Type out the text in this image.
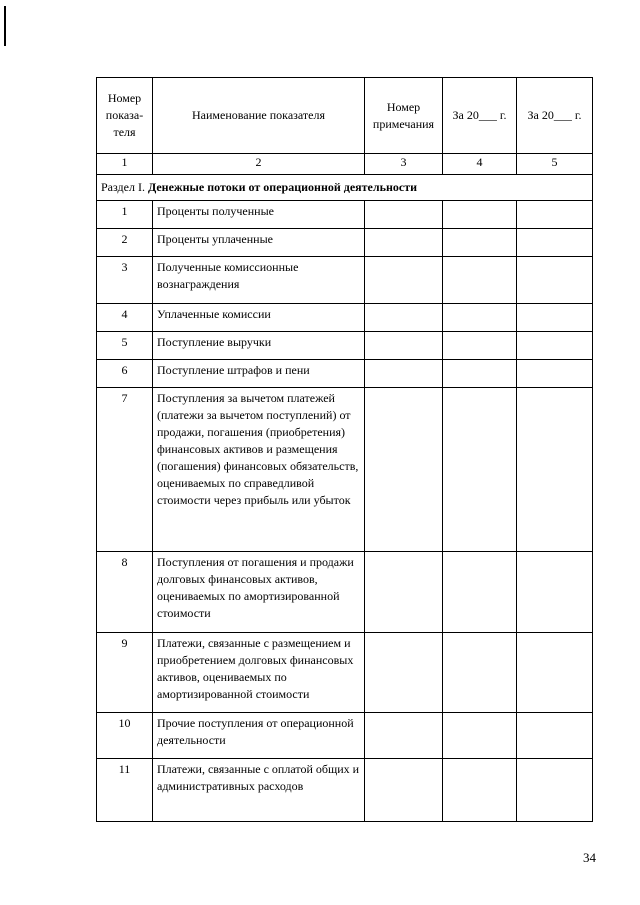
Номер показа-теля	Наименование показателя	Номер примечания	За 20___ г.	За 20___ г.
1	2	3	4	5
Раздел I. Денежные потоки от операционной деятельности				
1	Проценты полученные			
2	Проценты уплаченные			
3	Полученные комиссионные вознаграждения			
4	Уплаченные комиссии			
5	Поступление выручки			
6	Поступление штрафов и пени			
7	Поступления за вычетом платежей (платежи за вычетом поступлений) от продажи, погашения (приобретения) финансовых активов и размещения (погашения) финансовых обязательств, оцениваемых по справедливой стоимости через прибыль или убыток			
8	Поступления от погашения и продажи долговых финансовых активов, оцениваемых по амортизированной стоимости			
9	Платежи, связанные с размещением и приобретением долговых финансовых активов, оцениваемых по амортизированной стоимости			
10	Прочие поступления от операционной деятельности			
11	Платежи, связанные с оплатой общих и административных расходов			
34
